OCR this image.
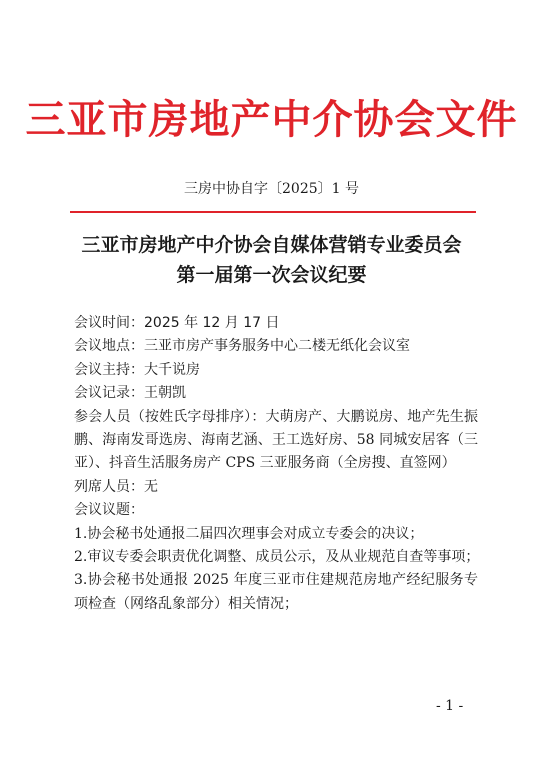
三亚市房地产中介协会文件
三房中协自字〔2025〕1 号
三亚市房地产中介协会自媒体营销专业委员会
第一届第一次会议纪要
会议时间：2025 年 12 月 17 日
会议地点：三亚市房产事务服务中心二楼无纸化会议室
会议主持：大千说房
会议记录：王朝凯
参会人员（按姓氏字母排序）：大萌房产、大鹏说房、地产先生振鹏、海南发哥选房、海南艺涵、王工选好房、58 同城安居客（三亚）、抖音生活服务房产 CPS 三亚服务商（全房搜、直签网）
列席人员：无
会议议题：
1.协会秘书处通报二届四次理事会对成立专委会的决议；
2.审议专委会职责优化调整、成员公示，及从业规范自查等事项；
3.协会秘书处通报 2025 年度三亚市住建规范房地产经纪服务专项检查（网络乱象部分）相关情况；
- 1 -
